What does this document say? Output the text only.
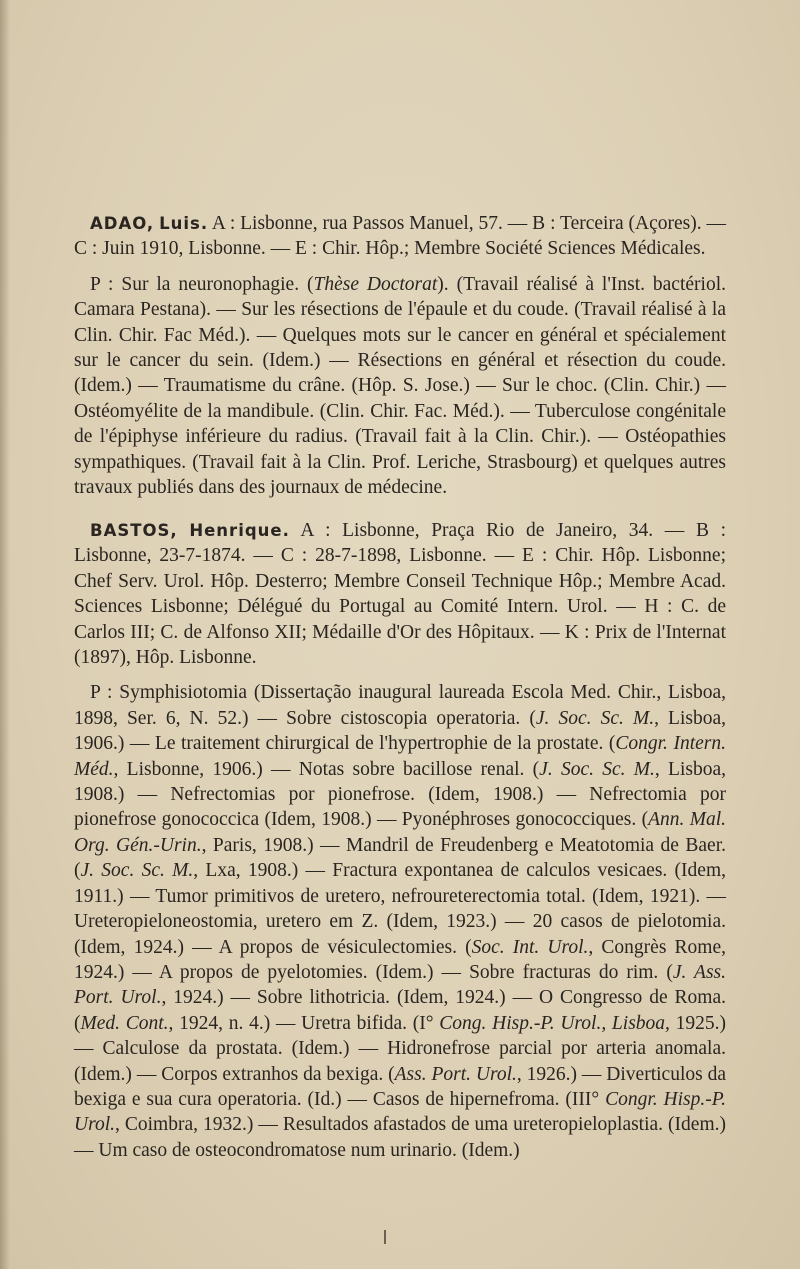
ADAO, Luis. A : Lisbonne, rua Passos Manuel, 57. — B : Terceira (Açores). — C : Juin 1910, Lisbonne. — E : Chir. Hôp.; Membre Société Sciences Médicales.

P : Sur la neuronophagie. (Thèse Doctorat). (Travail réalisé à l'Inst. bactériol. Camara Pestana). — Sur les résections de l'épaule et du coude. (Travail réalisé à la Clin. Chir. Fac Méd.). — Quelques mots sur le cancer en général et spécialement sur le cancer du sein. (Idem.) — Résections en général et résection du coude. (Idem.) — Traumatisme du crâne. (Hôp. S. Jose.) — Sur le choc. (Clin. Chir.) — Ostéomyélite de la mandibule. (Clin. Chir. Fac. Méd.). — Tuberculose congénitale de l'épiphyse inférieure du radius. (Travail fait à la Clin. Chir.). — Ostéopathies sympathiques. (Travail fait à la Clin. Prof. Leriche, Strasbourg) et quelques autres travaux publiés dans des journaux de médecine.

BASTOS, Henrique. A : Lisbonne, Praça Rio de Janeiro, 34. — B : Lisbonne, 23-7-1874. — C : 28-7-1898, Lisbonne. — E : Chir. Hôp. Lisbonne; Chef Serv. Urol. Hôp. Desterro; Membre Conseil Technique Hôp.; Membre Acad. Sciences Lisbonne; Délégué du Portugal au Comité Intern. Urol. — H : C. de Carlos III; C. de Alfonso XII; Médaille d'Or des Hôpitaux. — K : Prix de l'Internat (1897), Hôp. Lisbonne.

P : Symphisiotomia (Dissertação inaugural laureada Escola Med. Chir., Lisboa, 1898, Ser. 6, N. 52.) — Sobre cistoscopia operatoria. (J. Soc. Sc. M., Lisboa, 1906.) — Le traitement chirurgical de l'hypertrophie de la prostate. (Congr. Intern. Méd., Lisbonne, 1906.) — Notas sobre bacillose renal. (J. Soc. Sc. M., Lisboa, 1908.) — Nefrectomias por pionefrose. (Idem, 1908.) — Nefrectomia por pionefrose gonococcica (Idem, 1908.) — Pyonéphroses gonococciques. (Ann. Mal. Org. Gén.-Urin., Paris, 1908.) — Mandril de Freudenberg e Meatotomia de Baer. (J. Soc. Sc. M., Lxa, 1908.) — Fractura expontanea de calculos vesicaes. (Idem, 1911.) — Tumor primitivos de uretero, nefroureterectomia total. (Idem, 1921). — Ureteropieloneostomia, uretero em Z. (Idem, 1923.) — 20 casos de pielotomia. (Idem, 1924.) — A propos de vésiculectomies. (Soc. Int. Urol., Congrès Rome, 1924.) — A propos de pyelotomies. (Idem.) — Sobre fracturas do rim. (J. Ass. Port. Urol., 1924.) — Sobre lithotricia. (Idem, 1924.) — O Congresso de Roma. (Med. Cont., 1924, n. 4.) — Uretra bifida. (I° Cong. Hisp.-P. Urol., Lisboa, 1925.) — Calculose da prostata. (Idem.) — Hidronefrose parcial por arteria anomala. (Idem.) — Corpos extranhos da bexiga. (Ass. Port. Urol., 1926.) — Diverticulos da bexiga e sua cura operatoria. (Id.) — Casos de hipernefroma. (III° Congr. Hisp.-P. Urol., Coimbra, 1932.) — Resultados afastados de uma ureteropieloplastia. (Idem.) — Um caso de osteocondromatose num urinario. (Idem.)
